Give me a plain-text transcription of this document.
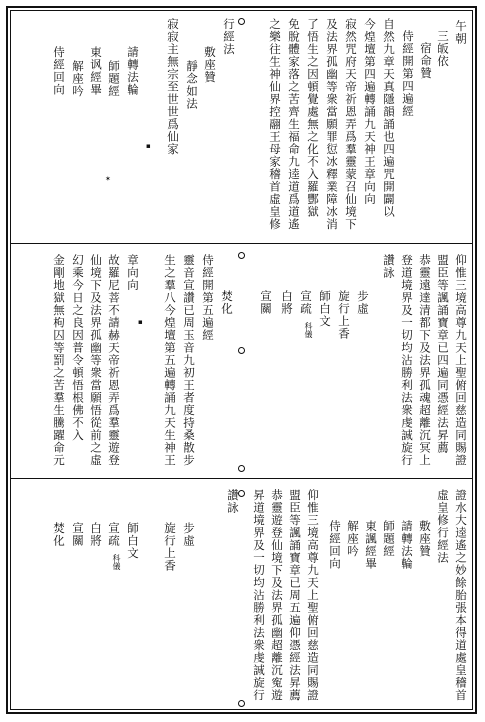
午朝
三皈依
宿命贊
侍經開第四遍經
自然九章天真隱韻誦也四遍咒開闢以
今煌壇第四遍轉誦九天神王章向向
寂然咒府天帝祈恩弄爲羣靈蒙召仙境下
及法界孤幽等衆當願罪愆冰釋業障冰消
了悟生之因頓覺處無之化不入羅酆獄
免脫體家落之苦齊生福命九逵道爲道遙
之樂往生神仙界控翮王母家稽首虛皇修
行經法
敷座贊
靜念如法
寂寂主無宗至世世爲仙家
請轉法輪
師題經
東讽經畢
解座吟
侍經回向
✶
▪
仰惟三境高尊九天上聖俯回慈造同賜證
盟臣等諷誦寶章已四遍同憑經法昇薦
恭靈遠達清都下及法界孤魂超離沉冥上
登道境界及一切均沾勝利法衆虔誠旋行
讚詠
步虛
旋行上香
師白文
宣疏
科儀
白將
宣關
焚化
侍經開第五遍經
靈音宣讚已周玉音九初王者度持桑散步
生之羣八今煌壇第五遍轉誦九天生神王
章向向
故羅尼菩不請赫天帝祈恩弄爲羣靈遊登
仙境下及法界孤幽等衆當願悟從前之虛
幻乘今日之良因普令頓悟根佛不入
金剛地獄無枸囚等罰之苦羣生騰躍命元	▪
證水大逵遙之妙餘胎張本得道處皇稽首
虛皇修行經法
敷座贊
請轉法輪
師題經
東諷經畢
解座吟
侍經回向
仰惟三境高尊九天上聖俯回慈造同賜證
盟臣等諷誦寶章已周五遍仰憑經法昇薦
恭靈遊登仙境下及法界孤幽超離沉寃遊
昇道境界及一切均沾勝利法衆虔誠旋行
讚詠
步虛
旋行上香
師白文
宣疏
科儀
白將
宣關
焚化
